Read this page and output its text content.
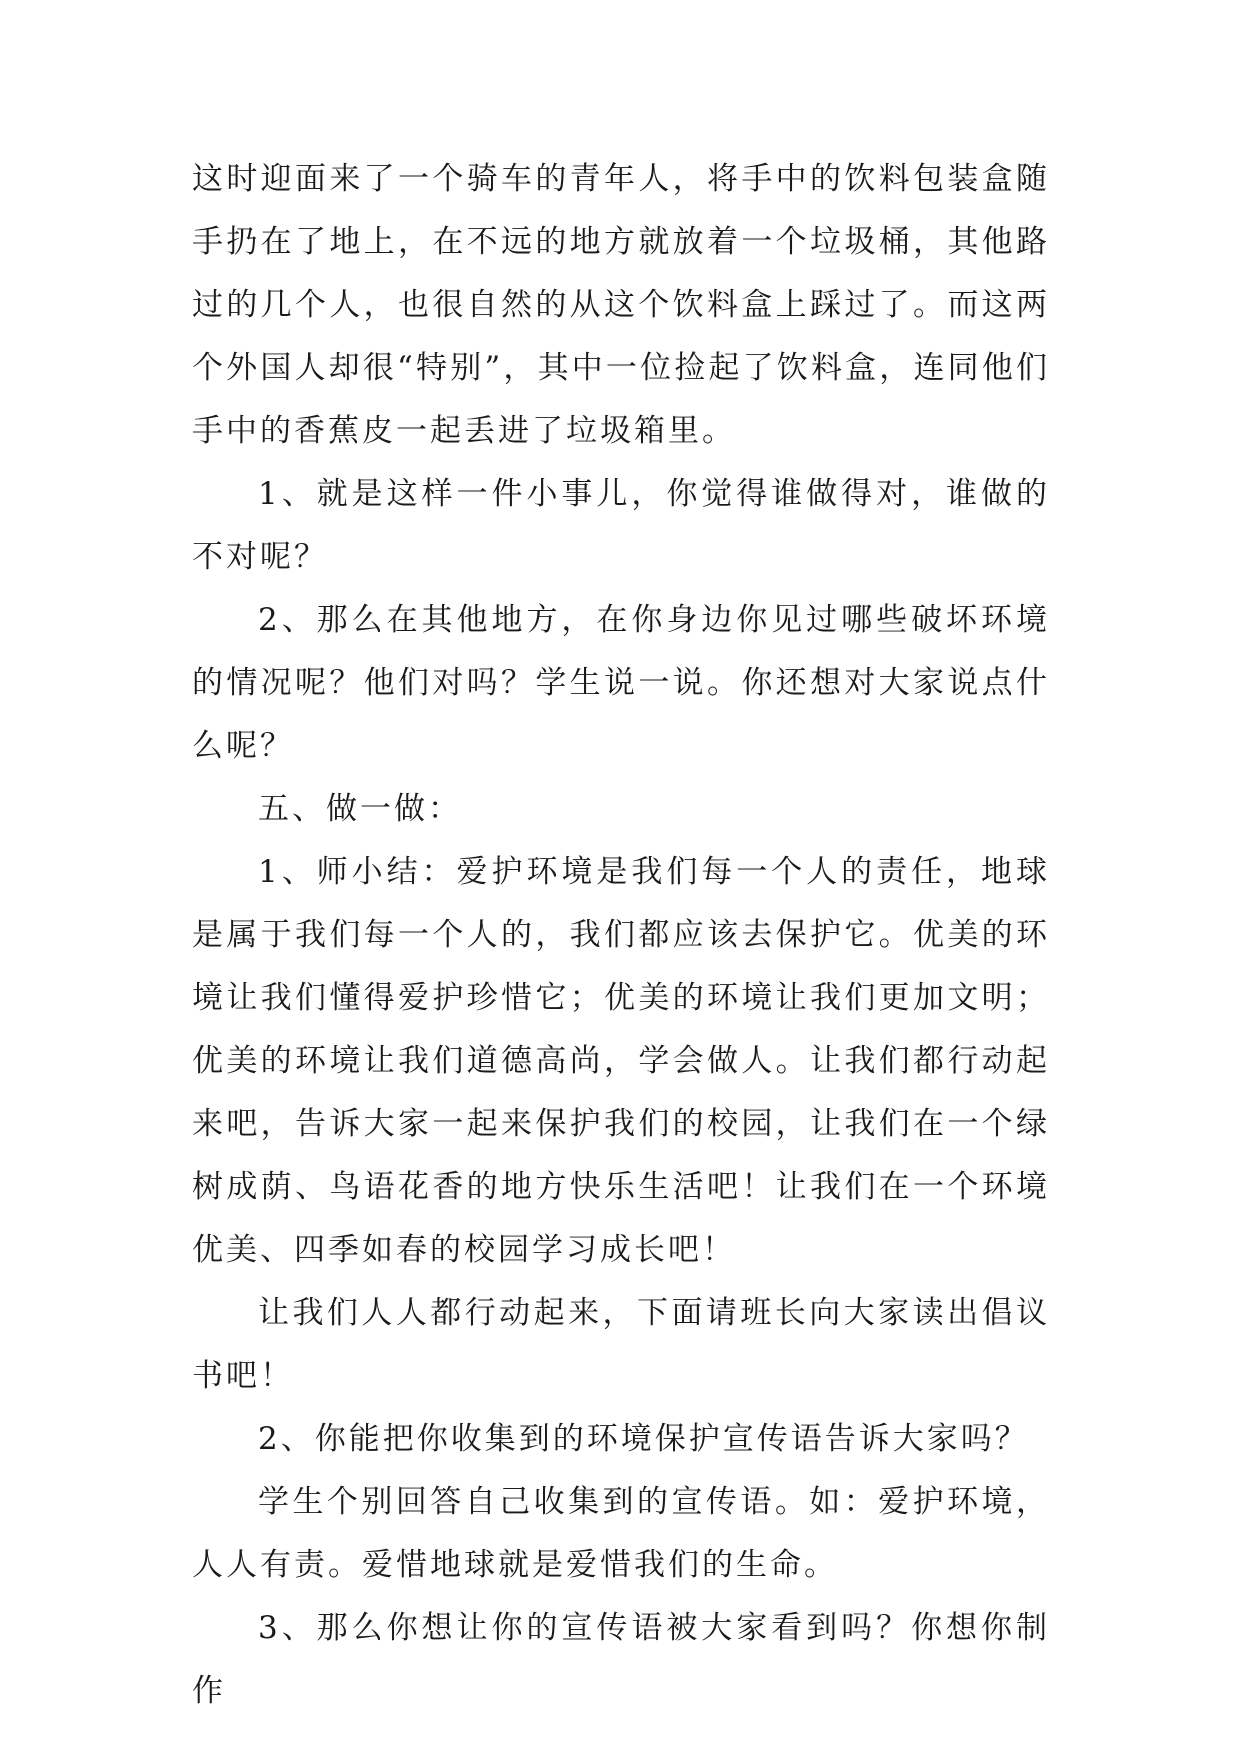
这时迎面来了一个骑车的青年人，将手中的饮料包装盒随手扔在了地上，在不远的地方就放着一个垃圾桶，其他路过的几个人，也很自然的从这个饮料盒上踩过了。而这两个外国人却很“特别”，其中一位捡起了饮料盒，连同他们手中的香蕉皮一起丢进了垃圾箱里。

1、就是这样一件小事儿，你觉得谁做得对，谁做的不对呢？

2、那么在其他地方，在你身边你见过哪些破坏环境的情况呢？他们对吗？学生说一说。你还想对大家说点什么呢？

五、做一做：

1、师小结：爱护环境是我们每一个人的责任，地球是属于我们每一个人的，我们都应该去保护它。优美的环境让我们懂得爱护珍惜它；优美的环境让我们更加文明；优美的环境让我们道德高尚，学会做人。让我们都行动起来吧，告诉大家一起来保护我们的校园，让我们在一个绿树成荫、鸟语花香的地方快乐生活吧！让我们在一个环境优美、四季如春的校园学习成长吧！

让我们人人都行动起来，下面请班长向大家读出倡议书吧！

2、你能把你收集到的环境保护宣传语告诉大家吗？

学生个别回答自己收集到的宣传语。如：爱护环境，人人有责。爱惜地球就是爱惜我们的生命。

3、那么你想让你的宣传语被大家看到吗？你想你制作
